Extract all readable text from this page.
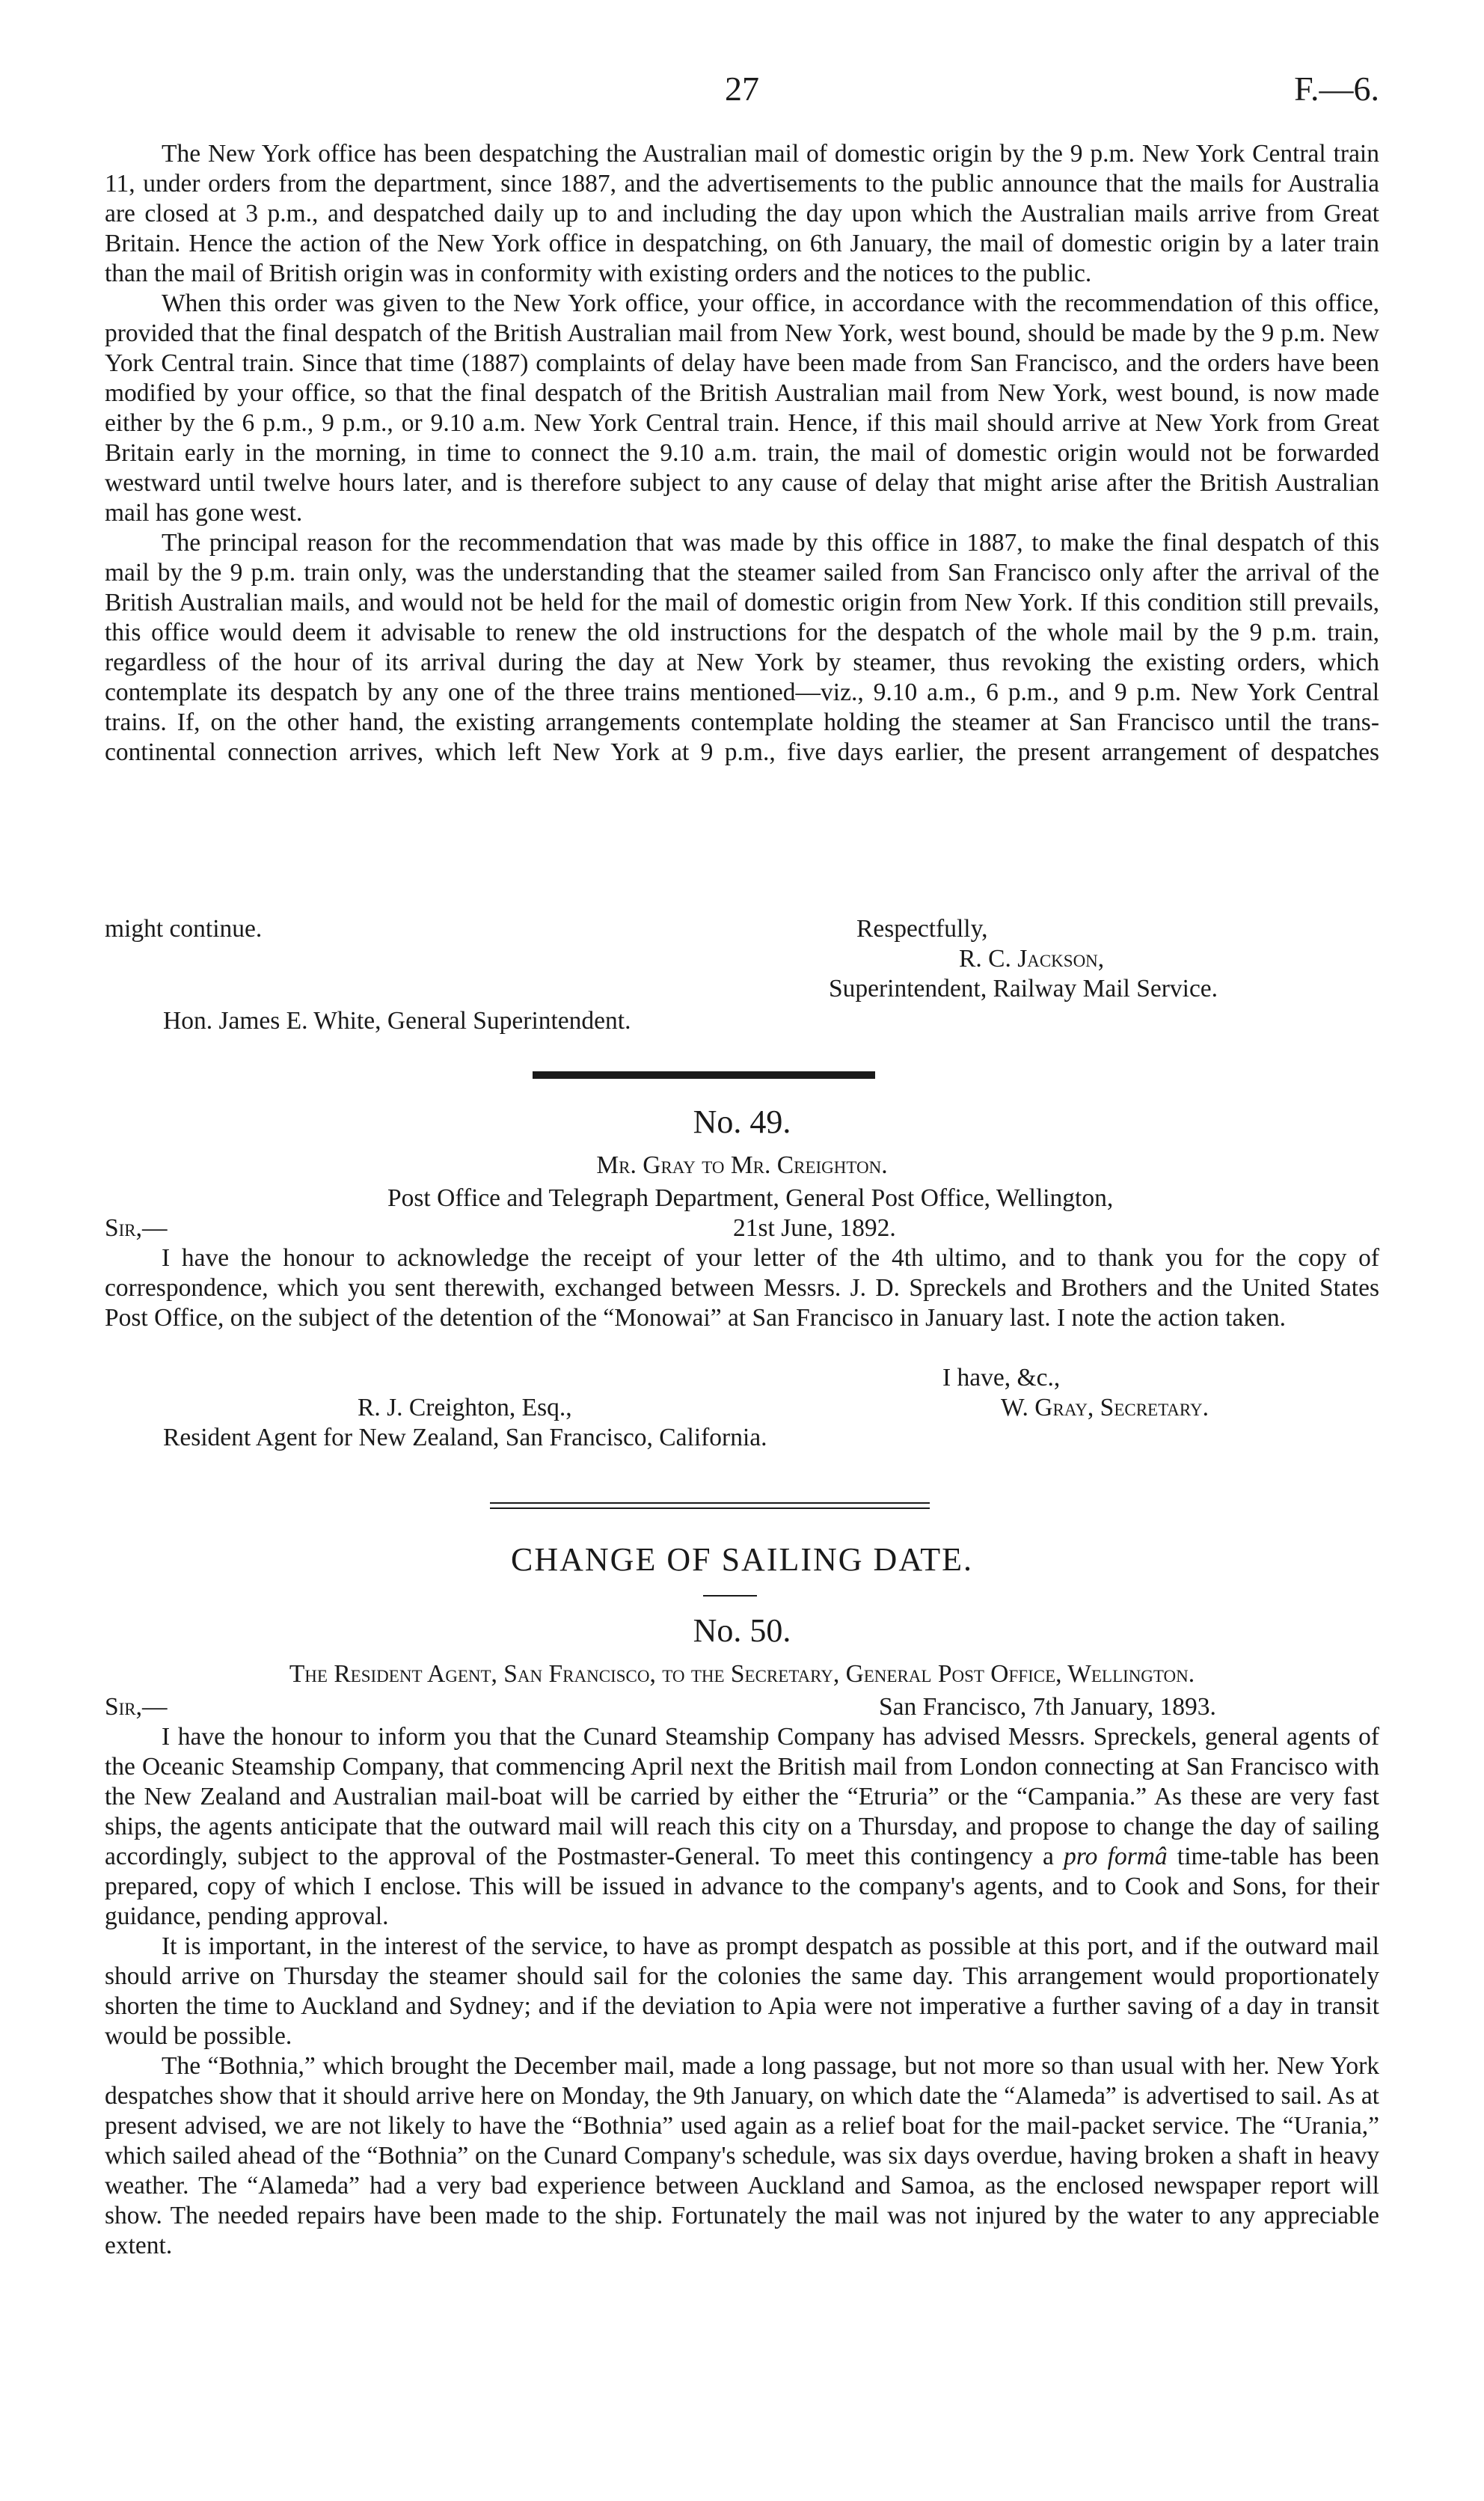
27	F.—6.

The New York office has been despatching the Australian mail of domestic origin by the 9 p.m. New York Central train 11, under orders from the department, since 1887, and the advertisements to the public announce that the mails for Australia are closed at 3 p.m., and despatched daily up to and including the day upon which the Australian mails arrive from Great Britain. Hence the action of the New York office in despatching, on 6th January, the mail of domestic origin by a later train than the mail of British origin was in conformity with existing orders and the notices to the public.

When this order was given to the New York office, your office, in accordance with the recommendation of this office, provided that the final despatch of the British Australian mail from New York, west bound, should be made by the 9 p.m. New York Central train. Since that time (1887) complaints of delay have been made from San Francisco, and the orders have been modified by your office, so that the final despatch of the British Australian mail from New York, west bound, is now made either by the 6 p.m., 9 p.m., or 9.10 a.m. New York Central train. Hence, if this mail should arrive at New York from Great Britain early in the morning, in time to connect the 9.10 a.m. train, the mail of domestic origin would not be forwarded westward until twelve hours later, and is therefore subject to any cause of delay that might arise after the British Australian mail has gone west.

The principal reason for the recommendation that was made by this office in 1887, to make the final despatch of this mail by the 9 p.m. train only, was the understanding that the steamer sailed from San Francisco only after the arrival of the British Australian mails, and would not be held for the mail of domestic origin from New York. If this condition still prevails, this office would deem it advisable to renew the old instructions for the despatch of the whole mail by the 9 p.m. train, regardless of the hour of its arrival during the day at New York by steamer, thus revoking the existing orders, which contemplate its despatch by any one of the three trains mentioned—viz., 9.10 a.m., 6 p.m., and 9 p.m. New York Central trains. If, on the other hand, the existing arrangements contemplate holding the steamer at San Francisco until the trans-continental connection arrives, which left New York at 9 p.m., five days earlier, the present arrangement of despatches

might continue.	Respectfully,
R. C. Jackson,
Superintendent, Railway Mail Service.
Hon. James E. White, General Superintendent.
No. 49.
Mr. Gray to Mr. Creighton.
Post Office and Telegraph Department, General Post Office, Wellington,
Sir,—	21st June, 1892.

I have the honour to acknowledge the receipt of your letter of the 4th ultimo, and to thank you for the copy of correspondence, which you sent therewith, exchanged between Messrs. J. D. Spreckels and Brothers and the United States Post Office, on the subject of the detention of the “Monowai” at San Francisco in January last. I note the action taken.

I have, &c.,
R. J. Creighton, Esq.,	W. Gray, Secretary.
Resident Agent for New Zealand, San Francisco, California.
CHANGE OF SAILING DATE.
No. 50.
The Resident Agent, San Francisco, to the Secretary, General Post Office, Wellington.
Sir,—	San Francisco, 7th January, 1893.

I have the honour to inform you that the Cunard Steamship Company has advised Messrs. Spreckels, general agents of the Oceanic Steamship Company, that commencing April next the British mail from London connecting at San Francisco with the New Zealand and Australian mail-boat will be carried by either the “Etruria” or the “Campania.” As these are very fast ships, the agents anticipate that the outward mail will reach this city on a Thursday, and propose to change the day of sailing accordingly, subject to the approval of the Postmaster-General. To meet this contingency a pro formâ time-table has been prepared, copy of which I enclose. This will be issued in advance to the company's agents, and to Cook and Sons, for their guidance, pending approval.

It is important, in the interest of the service, to have as prompt despatch as possible at this port, and if the outward mail should arrive on Thursday the steamer should sail for the colonies the same day. This arrangement would proportionately shorten the time to Auckland and Sydney; and if the deviation to Apia were not imperative a further saving of a day in transit would be possible.

The “Bothnia,” which brought the December mail, made a long passage, but not more so than usual with her. New York despatches show that it should arrive here on Monday, the 9th January, on which date the “Alameda” is advertised to sail. As at present advised, we are not likely to have the “Bothnia” used again as a relief boat for the mail-packet service. The “Urania,” which sailed ahead of the “Bothnia” on the Cunard Company's schedule, was six days overdue, having broken a shaft in heavy weather. The “Alameda” had a very bad experience between Auckland and Samoa, as the enclosed newspaper report will show. The needed repairs have been made to the ship. Fortunately the mail was not injured by the water to any appreciable extent.
